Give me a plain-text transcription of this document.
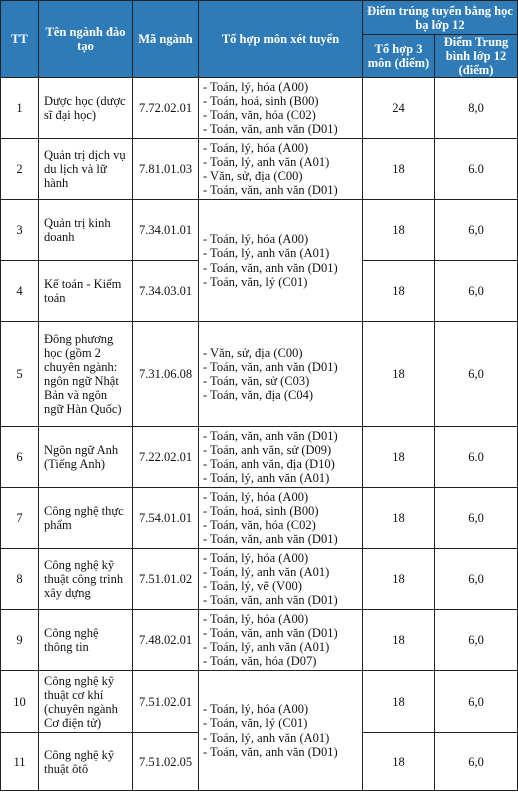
TT	Tên ngành đào tạo	Mã ngành	Tổ hợp môn xét tuyển	Điểm trúng tuyển bằng học bạ lớp 12	
				Tổ hợp 3 môn (điểm)	Điểm Trung bình lớp 12 (điểm)
1	Dược học (dược sĩ đại học)	7.72.02.01	- Toán, lý, hóa (A00)
- Toán, hoá, sinh (B00)
- Toán, văn, hóa (C02)
- Toán, văn, anh văn (D01)	24	8,0
2	Quản trị dịch vụ du lịch và lữ hành	7.81.01.03	- Toán, lý, hóa (A00)
- Toán, lý, anh văn (A01)
- Văn, sử, địa (C00)
- Toán, văn, anh văn (D01)	18	6.0
3	Quản trị kinh doanh	7.34.01.01	- Toán, lý, hóa (A00)
- Toán, lý, anh văn (A01)
- Toán, văn, anh văn (D01)
- Toán, văn, lý (C01)	18	6,0
4	Kế toán - Kiểm toán	7.34.03.01		18	6,0
5	Đông phương học (gồm 2 chuyên ngành: ngôn ngữ Nhật Bản và ngôn ngữ Hàn Quốc)	7.31.06.08	- Văn, sử, địa (C00)
- Toán, văn, anh văn (D01)
- Toán, văn, sử (C03)
- Toán, văn, địa (C04)	18	6,0
6	Ngôn ngữ Anh (Tiếng Anh)	7.22.02.01	- Toán, văn, anh văn (D01)
- Toán, anh văn, sử (D09)
- Toán, anh văn, địa (D10)
- Toán, lý, anh văn (A01)	18	6.0
7	Công nghệ thực phẩm	7.54.01.01	- Toán, lý, hóa (A00)
- Toán, hoá, sinh (B00)
- Toán, văn, hóa (C02)
- Toán, văn, anh văn (D01)	18	6,0
8	Công nghệ kỹ thuật công trình xây dựng	7.51.01.02	- Toán, lý, hóa (A00)
- Toán, lý, anh văn (A01)
- Toán, lý, vẽ (V00)
- Toán, văn, anh văn (D01)	18	6,0
9	Công nghệ thông tin	7.48.02.01	- Toán, lý, hóa (A00)
- Toán, văn, anh văn (D01)
- Toán, lý, anh văn (A01)
- Toán, văn, hóa (D07)	18	6,0
10	Công nghệ kỹ thuật cơ khí (chuyên ngành Cơ điện tử)	7.51.02.01	- Toán, lý, hóa (A00)
- Toán, văn, lý (C01)
- Toán, lý, anh văn (A01)
- Toán, văn, anh văn (D01)	18	6,0
11	Công nghệ kỹ thuật ôtô	7.51.02.05		18	6,0
